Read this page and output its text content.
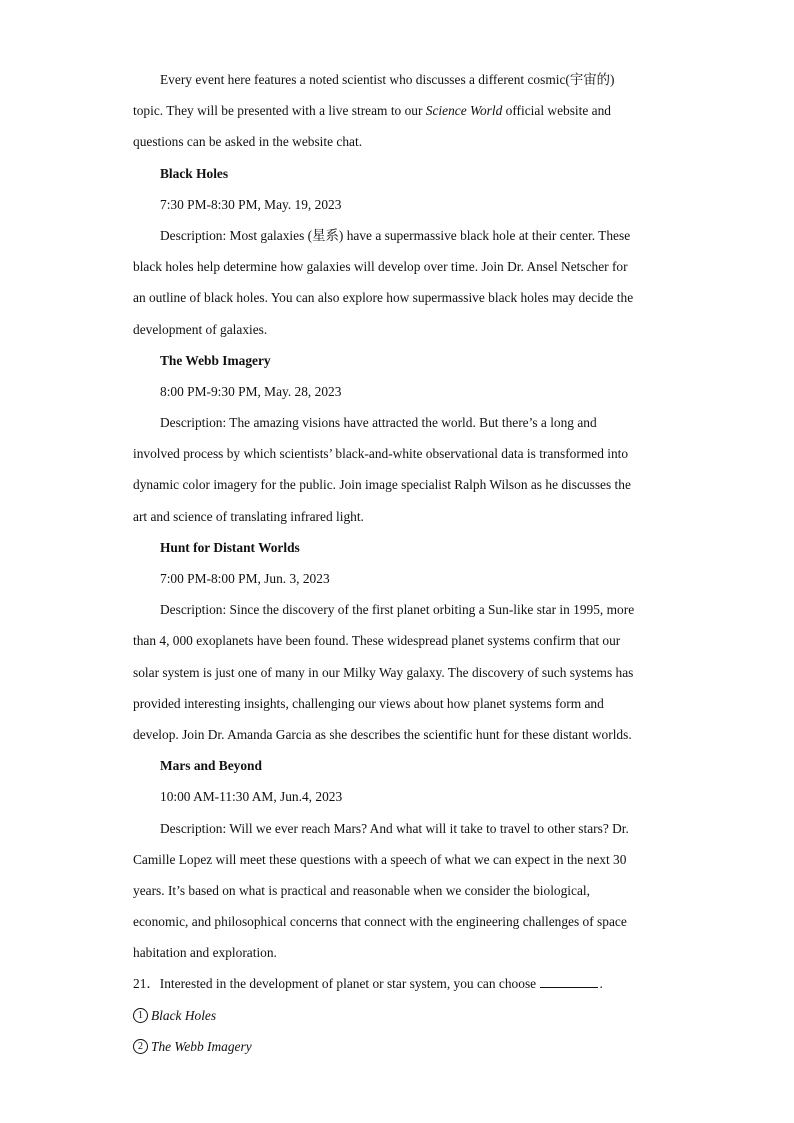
Every event here features a noted scientist who discusses a different cosmic(宇宙的)
topic. They will be presented with a live stream to our Science World official website and
questions can be asked in the website chat.
Black Holes
7:30 PM-8:30 PM, May. 19, 2023
Description: Most galaxies (星系) have a supermassive black hole at their center. These
black holes help determine how galaxies will develop over time. Join Dr. Ansel Netscher for
an outline of black holes. You can also explore how supermassive black holes may decide the
development of galaxies.
The Webb Imagery
8:00 PM-9:30 PM, May. 28, 2023
Description: The amazing visions have attracted the world. But there’s a long and
involved process by which scientists’ black-and-white observational data is transformed into
dynamic color imagery for the public. Join image specialist Ralph Wilson as he discusses the
art and science of translating infrared light.
Hunt for Distant Worlds
7:00 PM-8:00 PM, Jun. 3, 2023
Description: Since the discovery of the first planet orbiting a Sun-like star in 1995, more
than 4, 000 exoplanets have been found. These widespread planet systems confirm that our
solar system is just one of many in our Milky Way galaxy. The discovery of such systems has
provided interesting insights, challenging our views about how planet systems form and
develop. Join Dr. Amanda Garcia as she describes the scientific hunt for these distant worlds.
Mars and Beyond
10:00 AM-11:30 AM, Jun.4, 2023
Description: Will we ever reach Mars? And what will it take to travel to other stars? Dr.
Camille Lopez will meet these questions with a speech of what we can expect in the next 30
years. It’s based on what is practical and reasonable when we consider the biological,
economic, and philosophical concerns that connect with the engineering challenges of space
habitation and exploration.
21．Interested in the development of planet or star system, you can choose	.
1 Black Holes
2 The Webb Imagery
